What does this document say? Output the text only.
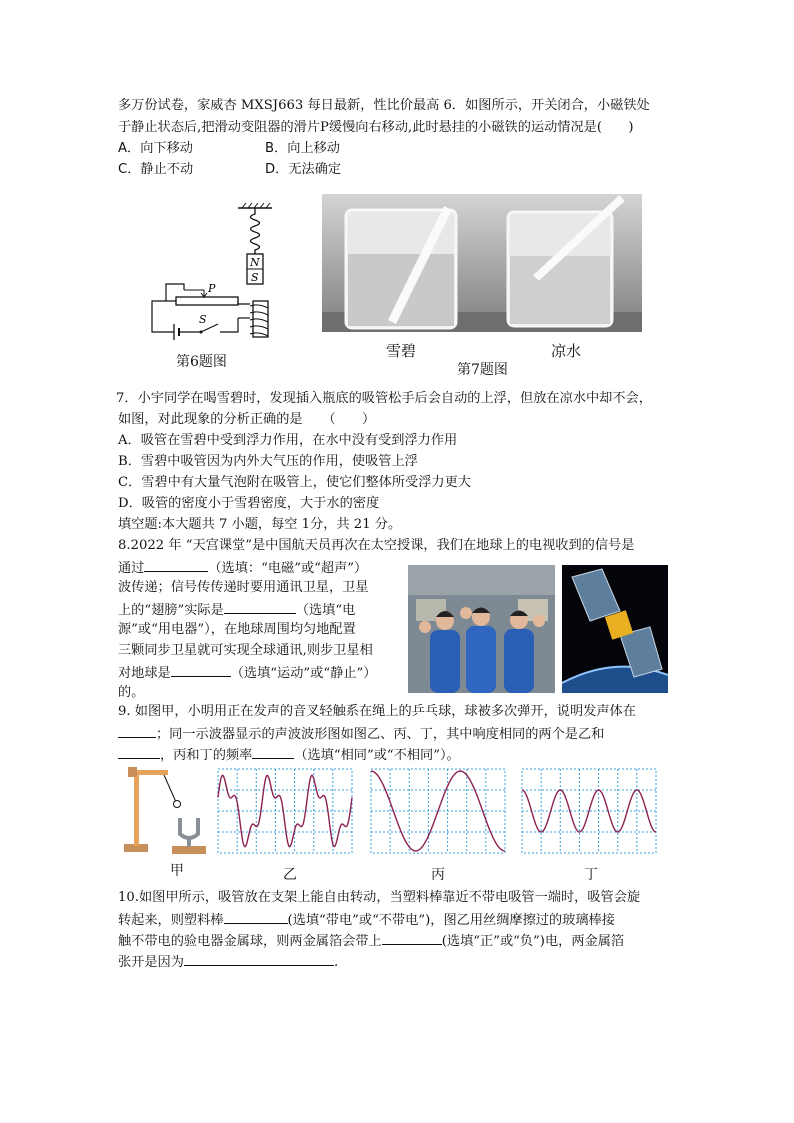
多万份试卷，家威杏 MXSJ663 每日最新，性比价最高 6．如图所示，开关闭合，小磁铁处
于静止状态后,把滑动变阻器的滑片P缓慢向右移动,此时悬挂的小磁铁的运动情况是(　　)
A．向下移动	B．向上移动
C．静止不动	D．无法确定
N
S
P
S
第6题图
雪碧	凉水
第7题图
7．小宇同学在喝雪碧时，发现插入瓶底的吸管松手后会自动的上浮，但放在凉水中却不会，
如图，对此现象的分析正确的是　　（　　）
A．吸管在雪碧中受到浮力作用，在水中没有受到浮力作用
B．雪碧中吸管因为内外大气压的作用，使吸管上浮
C．雪碧中有大量气泡附在吸管上，使它们整体所受浮力更大
D．吸管的密度小于雪碧密度，大于水的密度
填空题:本大题共 7 小题，每空 1分，共 21 分。
8.2022 年 “天宫课堂”是中国航天员再次在太空授课，我们在地球上的电视收到的信号是
通过	（选填：“电磁”或“超声”）
波传递；信号传传递时要用通讯卫星，卫星
上的“翅膀”实际是	（选填“电
源”或“用电器”），在地球周围均匀地配置
三颗同步卫星就可实现全球通讯,则步卫星相
对地球是	（选填“运动”或“静止”）
的。
9. 如图甲，小明用正在发声的音叉轻触系在绳上的乒乓球，球被多次弹开，说明发声体在
；同一示波器显示的声波波形图如图乙、丙、丁，其中响度相同的两个是乙和
，丙和丁的频率	（选填“相同”或“不相同”）。
甲	乙	丙	丁
10.如图甲所示，吸管放在支架上能自由转动，当塑料棒靠近不带电吸管一端时，吸管会旋
转起来，则塑料棒	(选填“带电”或“不带电”)，图乙用丝绸摩擦过的玻璃棒接
触不带电的验电器金属球，则两金属箔会带上	(选填“正”或“负”)电，两金属箔
张开是因为	.
